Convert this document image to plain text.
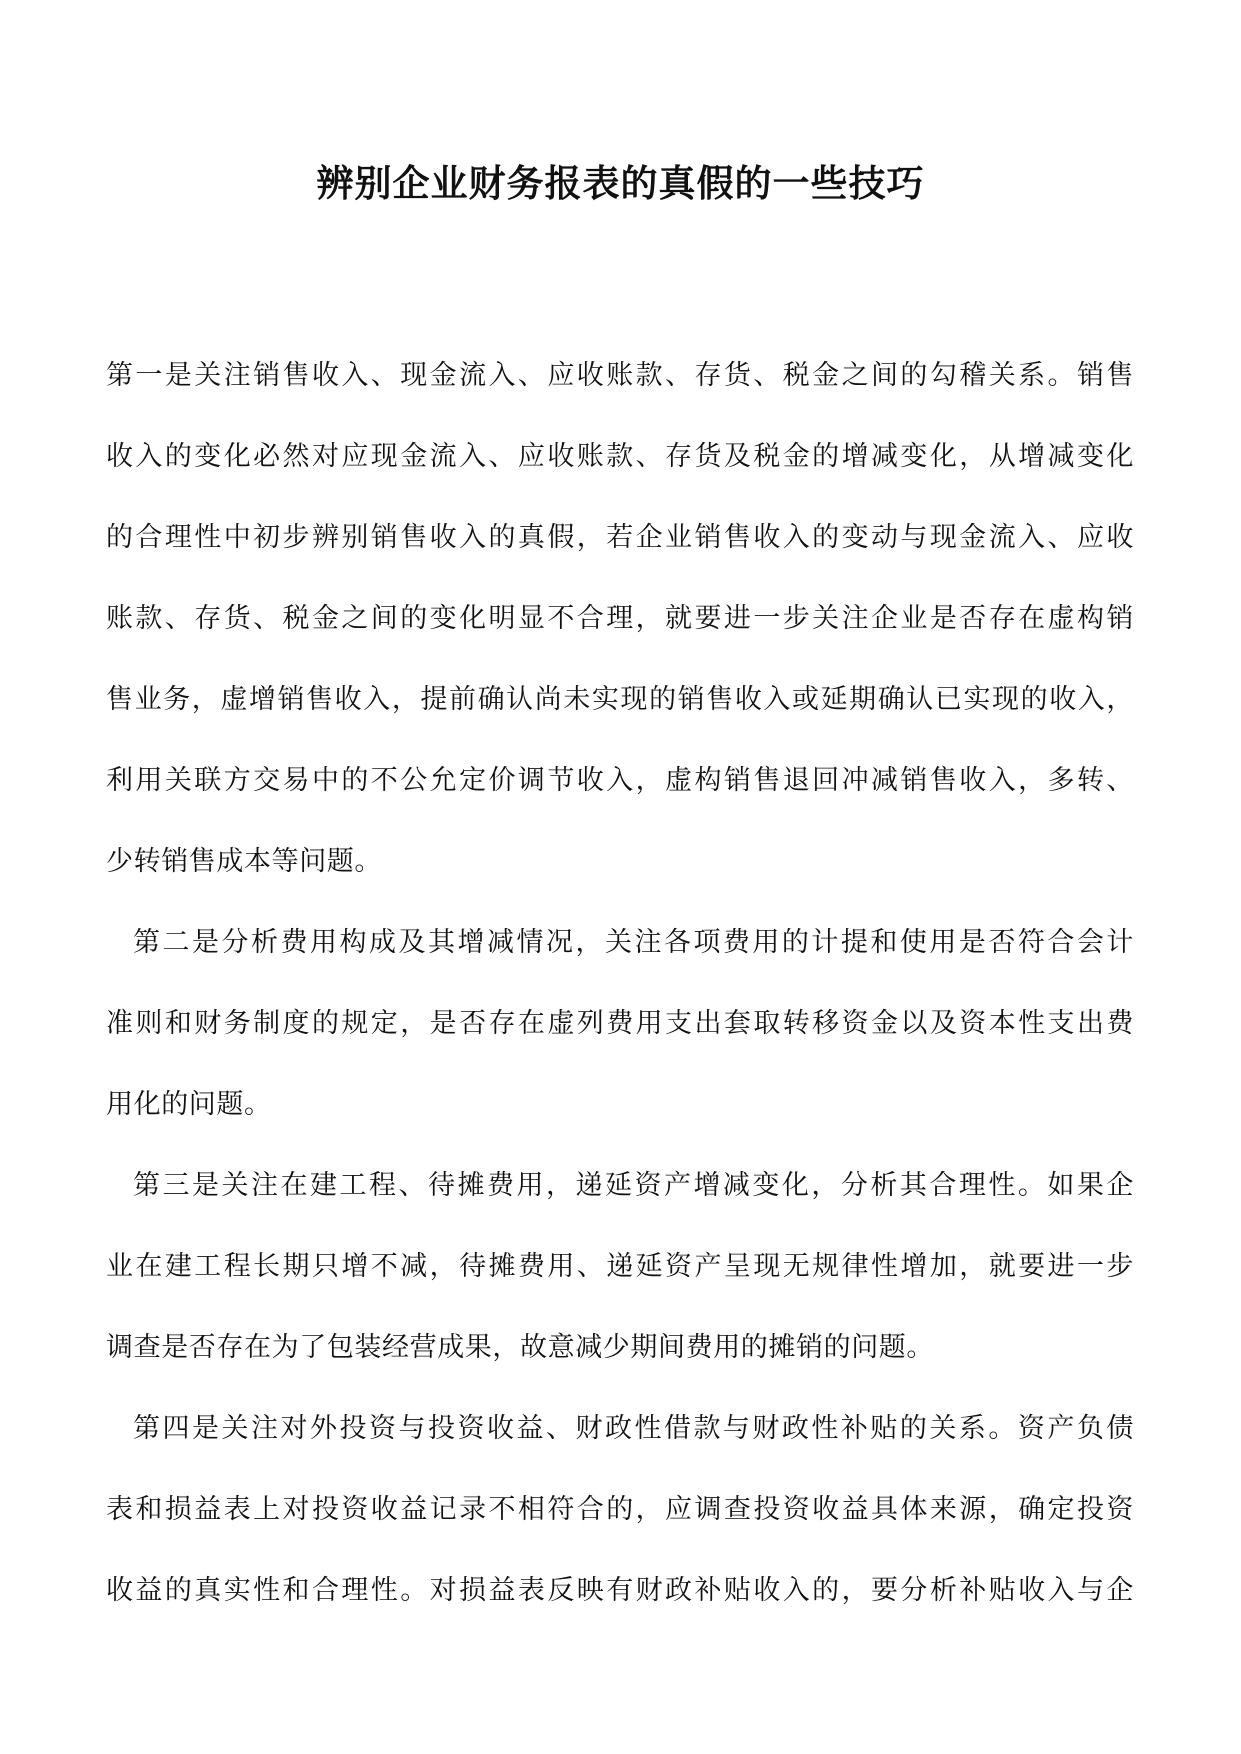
辨别企业财务报表的真假的一些技巧

第一是关注销售收入、现金流入、应收账款、存货、税金之间的勾稽关系。销售
收入的变化必然对应现金流入、应收账款、存货及税金的增减变化，从增减变化
的合理性中初步辨别销售收入的真假，若企业销售收入的变动与现金流入、应收
账款、存货、税金之间的变化明显不合理，就要进一步关注企业是否存在虚构销
售业务，虚增销售收入，提前确认尚未实现的销售收入或延期确认已实现的收入，
利用关联方交易中的不公允定价调节收入，虚构销售退回冲减销售收入，多转、
少转销售成本等问题。

第二是分析费用构成及其增减情况，关注各项费用的计提和使用是否符合会计
准则和财务制度的规定，是否存在虚列费用支出套取转移资金以及资本性支出费
用化的问题。

第三是关注在建工程、待摊费用，递延资产增减变化，分析其合理性。如果企
业在建工程长期只增不减，待摊费用、递延资产呈现无规律性增加，就要进一步
调查是否存在为了包装经营成果，故意减少期间费用的摊销的问题。

第四是关注对外投资与投资收益、财政性借款与财政性补贴的关系。资产负债
表和损益表上对投资收益记录不相符合的，应调查投资收益具体来源，确定投资
收益的真实性和合理性。对损益表反映有财政补贴收入的，要分析补贴收入与企
